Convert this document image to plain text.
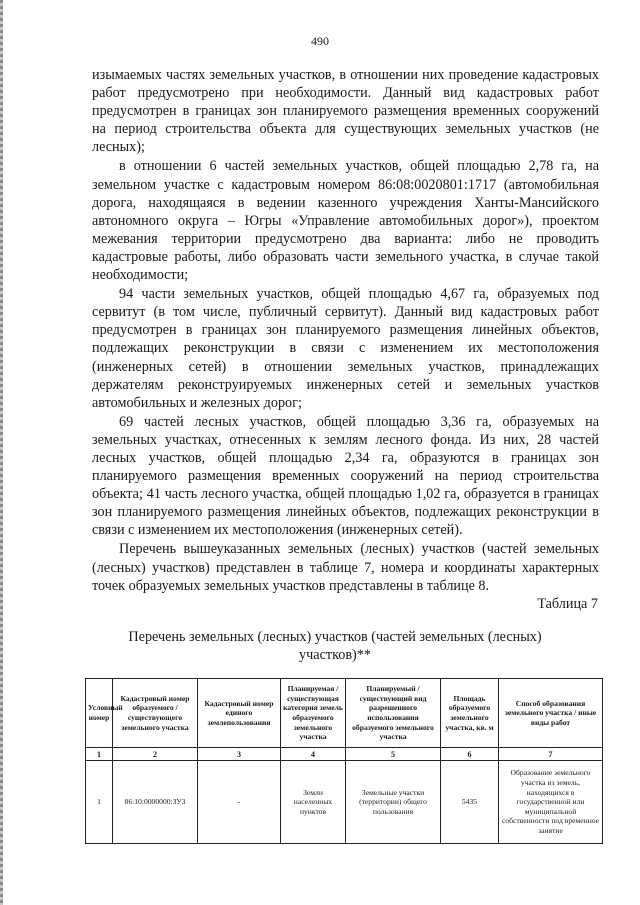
490

изымаемых частях земельных участков, в отношении них проведение кадастровых работ предусмотрено при необходимости. Данный вид кадастровых работ предусмотрен в границах зон планируемого размещения временных сооружений на период строительства объекта для существующих земельных участков (не лесных);

в отношении 6 частей земельных участков, общей площадью 2,78 га, на земельном участке с кадастровым номером 86:08:0020801:1717 (автомобильная дорога, находящаяся в ведении казенного учреждения Ханты-Мансийского автономного округа – Югры «Управление автомобильных дорог»), проектом межевания территории предусмотрено два варианта: либо не проводить кадастровые работы, либо образовать части земельного участка, в случае такой необходимости;

94 части земельных участков, общей площадью 4,67 га, образуемых под сервитут (в том числе, публичный сервитут). Данный вид кадастровых работ предусмотрен в границах зон планируемого размещения линейных объектов, подлежащих реконструкции в связи с изменением их местоположения (инженерных сетей) в отношении земельных участков, принадлежащих держателям реконструируемых инженерных сетей и земельных участков автомобильных и железных дорог;

69 частей лесных участков, общей площадью 3,36 га, образуемых на земельных участках, отнесенных к землям лесного фонда. Из них, 28 частей лесных участков, общей площадью 2,34 га, образуются в границах зон планируемого размещения временных сооружений на период строительства объекта; 41 часть лесного участка, общей площадью 1,02 га, образуется в границах зон планируемого размещения линейных объектов, подлежащих реконструкции в связи с изменением их местоположения (инженерных сетей).

Перечень вышеуказанных земельных (лесных) участков (частей земельных (лесных) участков) представлен в таблице 7, номера и координаты характерных точек образуемых земельных участков представлены в таблице 8.

Таблица 7
Перечень земельных (лесных) участков (частей земельных (лесных) участков)**
Условный номер	Кадастровый номер образуемого / существующего земельного участка	Кадастровый номер единого землепользования	Планируемая / существующая категория земель образуемого земельного участка	Планируемый / существующий вид разрешенного использования образуемого земельного участка	Площадь образуемого земельного участка, кв. м	Способ образования земельного участка / иные виды работ
1	2	3	4	5	6	7
1	86:10:0000000:ЗУ3	-	Земли населенных пунктов	Земельные участки (территории) общего пользования	5435	Образование земельного участка из земель, находящихся в государственной или муниципальной собственности под временное занятие
